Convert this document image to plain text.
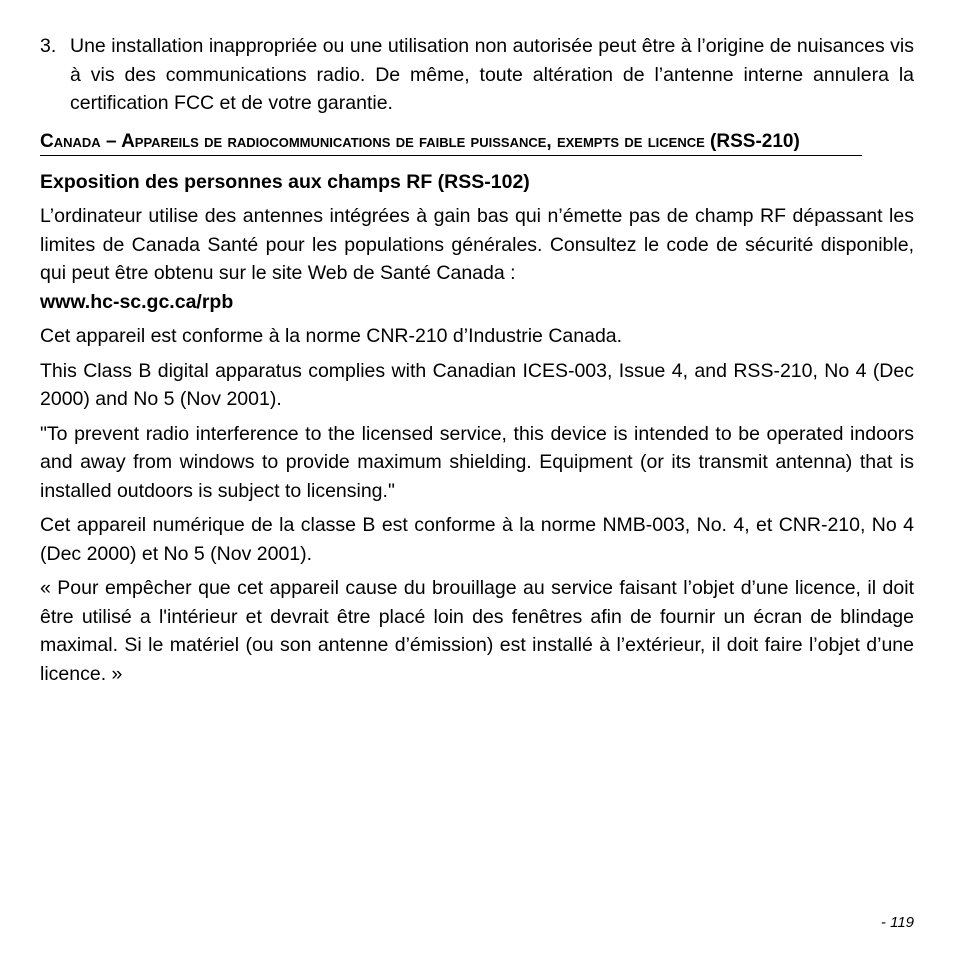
3. Une installation inappropriée ou une utilisation non autorisée peut être à l’origine de nuisances vis à vis des communications radio. De même, toute altération de l’antenne interne annulera la certification FCC et de votre garantie.
Canada – Appareils de radiocommunications de faible puissance, exempts de licence (RSS-210)
Exposition des personnes aux champs RF (RSS-102)

L’ordinateur utilise des antennes intégrées à gain bas qui n’émette pas de champ RF dépassant les limites de Canada Santé pour les populations générales. Consultez le code de sécurité disponible, qui peut être obtenu sur le site Web de Santé Canada :
www.hc-sc.gc.ca/rpb

Cet appareil est conforme à la norme CNR-210 d’Industrie Canada.

This Class B digital apparatus complies with Canadian ICES-003, Issue 4, and RSS-210, No 4 (Dec 2000) and No 5 (Nov 2001).

"To prevent radio interference to the licensed service, this device is intended to be operated indoors and away from windows to provide maximum shielding. Equipment (or its transmit antenna) that is installed outdoors is subject to licensing."

Cet appareil numérique de la classe B est conforme à la norme NMB-003, No. 4, et CNR-210, No 4 (Dec 2000) et No 5 (Nov 2001).

« Pour empêcher que cet appareil cause du brouillage au service faisant l’objet d’une licence, il doit être utilisé a l'intérieur et devrait être placé loin des fenêtres afin de fournir un écran de blindage maximal. Si le matériel (ou son antenne d’émission) est installé à l’extérieur, il doit faire l’objet d’une licence. »

- 119
